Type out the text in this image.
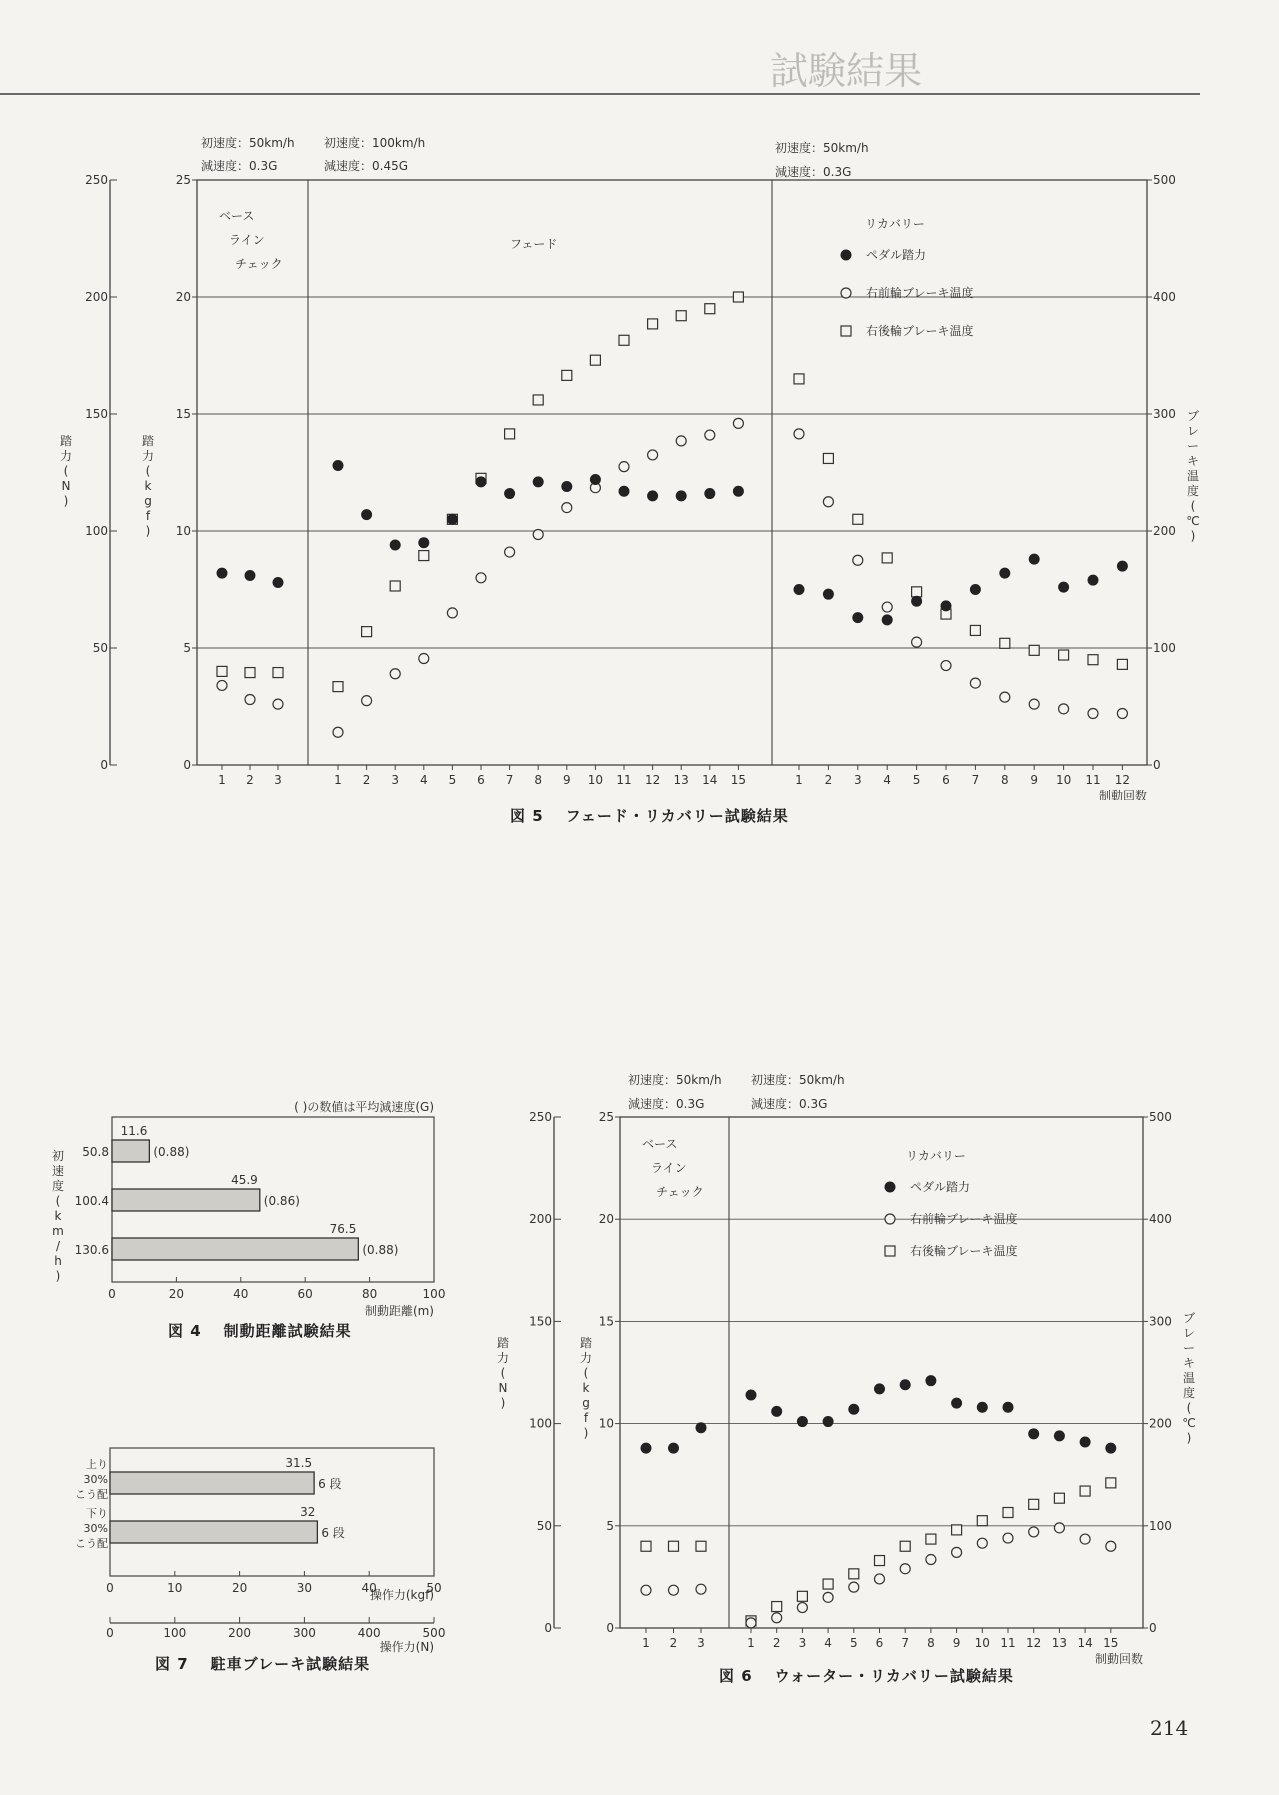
試験結果
初速度：50km/h
減速度：0.3G
初速度：100km/h
減速度：0.45G
初速度：50km/h
減速度：0.3G
0
5
10
15
20
25
0
100
200
300
400
500
0
50
100
150
200
250
踏力( N )
踏力( k g f )
ブレーキ温度( ℃ )
1 2 3	1 2 3 4 5 6 7 8 9 10 11 12 13 14 15	1 2 3 4 5 6 7 8 9 10 11 12
制動回数
ベース
ライン
チェック
フェード
リカバリー
ペダル踏力
右前輪ブレーキ温度
右後輪ブレーキ温度
図 5 フェード・リカバリー試験結果
0	20	40	60	80	100
11.6
(0.88)
50.8
45.9
(0.86)
100.4
76.5
(0.88)
130.6
( )の数値は平均減速度(G)
制動距離(m)
初速度( k m / h )
図 4 制動距離試験結果
0	10	20	30	40	50
31.5
6 段
上り
30%
こう配
32
6 段
下り
30%
こう配
操作力(kgf)
0	100	200	300	400	500
操作力(N)
図 7 駐車ブレーキ試験結果
初速度：50km/h
減速度：0.3G
初速度：50km/h
減速度：0.3G
0
5
10
15
20
25
0
100
200
300
400
500
0
50
100
150
200
250
踏力( N )
踏力( k g f )
ブレーキ温度( ℃ )
1 2 3	1 2 3 4 5 6 7 8 9 10 11 12 13 14 15
制動回数
ベース
ライン
チェック
リカバリー
ペダル踏力
右前輪ブレーキ温度
右後輪ブレーキ温度
図 6 ウォーター・リカバリー試験結果
214
